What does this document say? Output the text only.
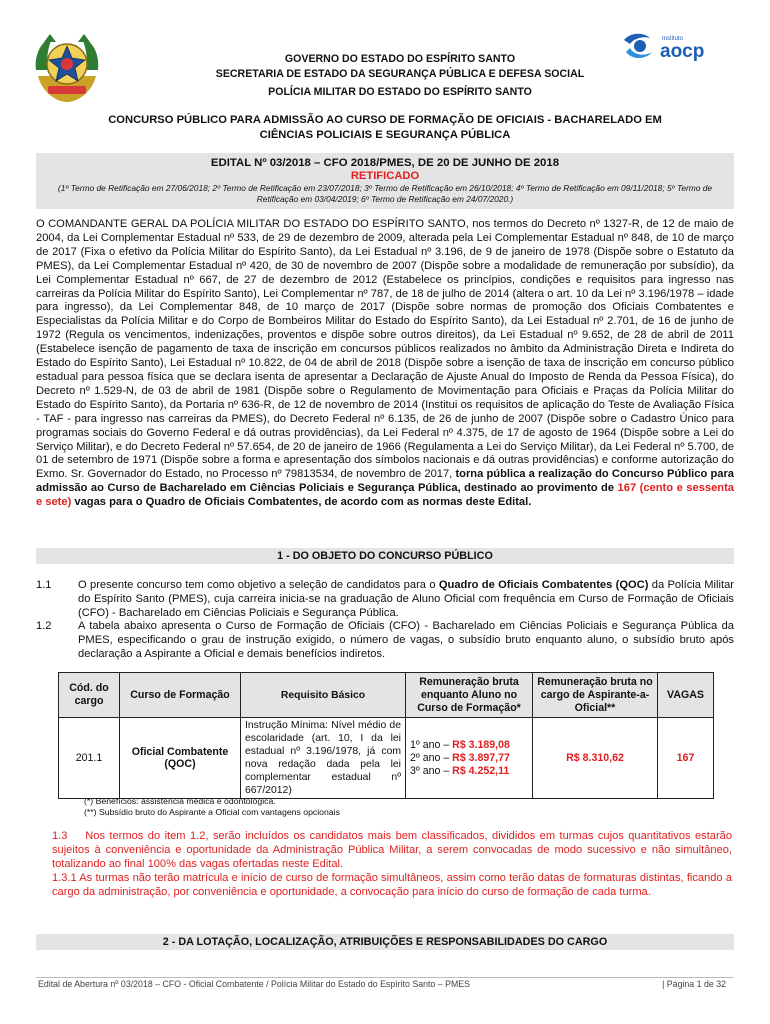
Instituto
aocp
GOVERNO DO ESTADO DO ESPÍRITO SANTO
SECRETARIA DE ESTADO DA SEGURANÇA PÚBLICA E DEFESA SOCIAL
POLÍCIA MILITAR DO ESTADO DO ESPÍRITO SANTO
CONCURSO PÚBLICO PARA ADMISSÃO AO CURSO DE FORMAÇÃO DE OFICIAIS - BACHARELADO EM
CIÊNCIAS POLICIAIS E SEGURANÇA PÚBLICA
EDITAL Nº 03/2018 – CFO 2018/PMES, DE 20 DE JUNHO DE 2018
RETIFICADO
(1º Termo de Retificação em 27/06/2018; 2º Termo de Retificação em 23/07/2018; 3º Termo de Retificação em 26/10/2018; 4º Termo de Retificação em 09/11/2018; 5º Termo de Retificação em 03/04/2019; 6º Termo de Retificação em 24/07/2020.)
O COMANDANTE GERAL DA POLÍCIA MILITAR DO ESTADO DO ESPÍRITO SANTO, nos termos do Decreto nº 1327-R, de 12 de maio de 2004, da Lei Complementar Estadual nº 533, de 29 de dezembro de 2009, alterada pela Lei Complementar Estadual nº 848, de 10 de março de 2017 (Fixa o efetivo da Polícia Militar do Espírito Santo), da Lei Estadual nº 3.196, de 9 de janeiro de 1978 (Dispõe sobre o Estatuto da PMES), da Lei Complementar Estadual nº 420, de 30 de novembro de 2007 (Dispõe sobre a modalidade de remuneração por subsídio), da Lei Complementar Estadual nº 667, de 27 de dezembro de 2012 (Estabelece os princípios, condições e requisitos para ingresso nas carreiras da Polícia Militar do Espírito Santo), Lei Complementar nº 787, de 18 de julho de 2014 (altera o art. 10 da Lei nº 3.196/1978 – idade para ingresso), da Lei Complementar 848, de 10 março de 2017 (Dispõe sobre normas de promoção dos Oficiais Combatentes e Especialistas da Polícia Militar e do Corpo de Bombeiros Militar do Estado do Espírito Santo), da Lei Estadual nº 2.701, de 16 de junho de 1972 (Regula os vencimentos, indenizações, proventos e dispõe sobre outros direitos), da Lei Estadual nº 9.652, de 28 de abril de 2011 (Estabelece isenção de pagamento de taxa de inscrição em concursos públicos realizados no âmbito da Administração Direta e Indireta do Estado do Espírito Santo), Lei Estadual nº 10.822, de 04 de abril de 2018 (Dispõe sobre a isenção de taxa de inscrição em concurso público estadual para pessoa física que se declara isenta de apresentar a Declaração de Ajuste Anual do Imposto de Renda da Pessoa Física), do Decreto nº 1.529-N, de 03 de abril de 1981 (Dispõe sobre o Regulamento de Movimentação para Oficiais e Praças da Polícia Militar do Estado do Espírito Santo), da Portaria nº 636-R, de 12 de novembro de 2014 (Institui os requisitos de aplicação do Teste de Avaliação Física - TAF - para ingresso nas carreiras da PMES), do Decreto Federal nº 6.135, de 26 de junho de 2007 (Dispõe sobre o Cadastro Único para programas sociais do Governo Federal e dá outras providências), da Lei Federal nº 4.375, de 17 de agosto de 1964 (Dispõe sobre a Lei do Serviço Militar), e do Decreto Federal nº 57.654, de 20 de janeiro de 1966 (Regulamenta a Lei do Serviço Militar), da Lei Federal nº 5.700, de 01 de setembro de 1971 (Dispõe sobre a forma e apresentação dos símbolos nacionais e dá outras providências) e conforme autorização do Exmo. Sr. Governador do Estado, no Processo nº 79813534, de novembro de 2017, torna pública a realização do Concurso Público para admissão ao Curso de Bacharelado em Ciências Policiais e Segurança Pública, destinado ao provimento de 167 (cento e sessenta e sete) vagas para o Quadro de Oficiais Combatentes, de acordo com as normas deste Edital.
1 - DO OBJETO DO CONCURSO PÚBLICO
1.1	O presente concurso tem como objetivo a seleção de candidatos para o Quadro de Oficiais Combatentes (QOC) da Polícia Militar do Espírito Santo (PMES), cuja carreira inicia-se na graduação de Aluno Oficial com frequência em Curso de Formação de Oficiais (CFO) - Bacharelado em Ciências Policiais e Segurança Pública.
1.2	A tabela abaixo apresenta o Curso de Formação de Oficiais (CFO) - Bacharelado em Ciências Policiais e Segurança Pública da PMES, especificando o grau de instrução exigido, o número de vagas, o subsídio bruto enquanto aluno, o subsídio bruto após declaração a Aspirante a Oficial e demais benefícios indiretos.
Cód. do cargo	Curso de Formação	Requisito Básico	Remuneração bruta enquanto Aluno no Curso de Formação*	Remuneração bruta no cargo de Aspirante-a-Oficial**	VAGAS
201.1	Oficial Combatente (QOC)	Instrução Mínima: Nível médio de escolaridade (art. 10, I da lei estadual nº 3.196/1978, já com nova redação dada pela lei complementar estadual nº 667/2012)	1º ano – R$ 3.189,08
2º ano – R$ 3.897,77
3º ano – R$ 4.252,11	R$ 8.310,62	167
(*) Benefícios: assistência médica e odontológica.
(**) Subsídio bruto do Aspirante a Oficial com vantagens opcionais
1.3 Nos termos do item 1.2, serão incluídos os candidatos mais bem classificados, divididos em turmas cujos quantitativos estarão sujeitos à conveniência e oportunidade da Administração Pública Militar, a serem convocadas de modo sucessivo e não simultâneo, totalizando ao final 100% das vagas ofertadas neste Edital.
1.3.1 As turmas não terão matrícula e início de curso de formação simultâneos, assim como terão datas de formaturas distintas, ficando a cargo da administração, por conveniência e oportunidade, a convocação para início do curso de formação de cada turma.
2 - DA LOTAÇÃO, LOCALIZAÇÃO, ATRIBUIÇÕES E RESPONSABILIDADES DO CARGO
Edital de Abertura nº 03/2018 – CFO - Oficial Combatente / Polícia Militar do Estado do Espírito Santo – PMES	| Página 1 de 32
